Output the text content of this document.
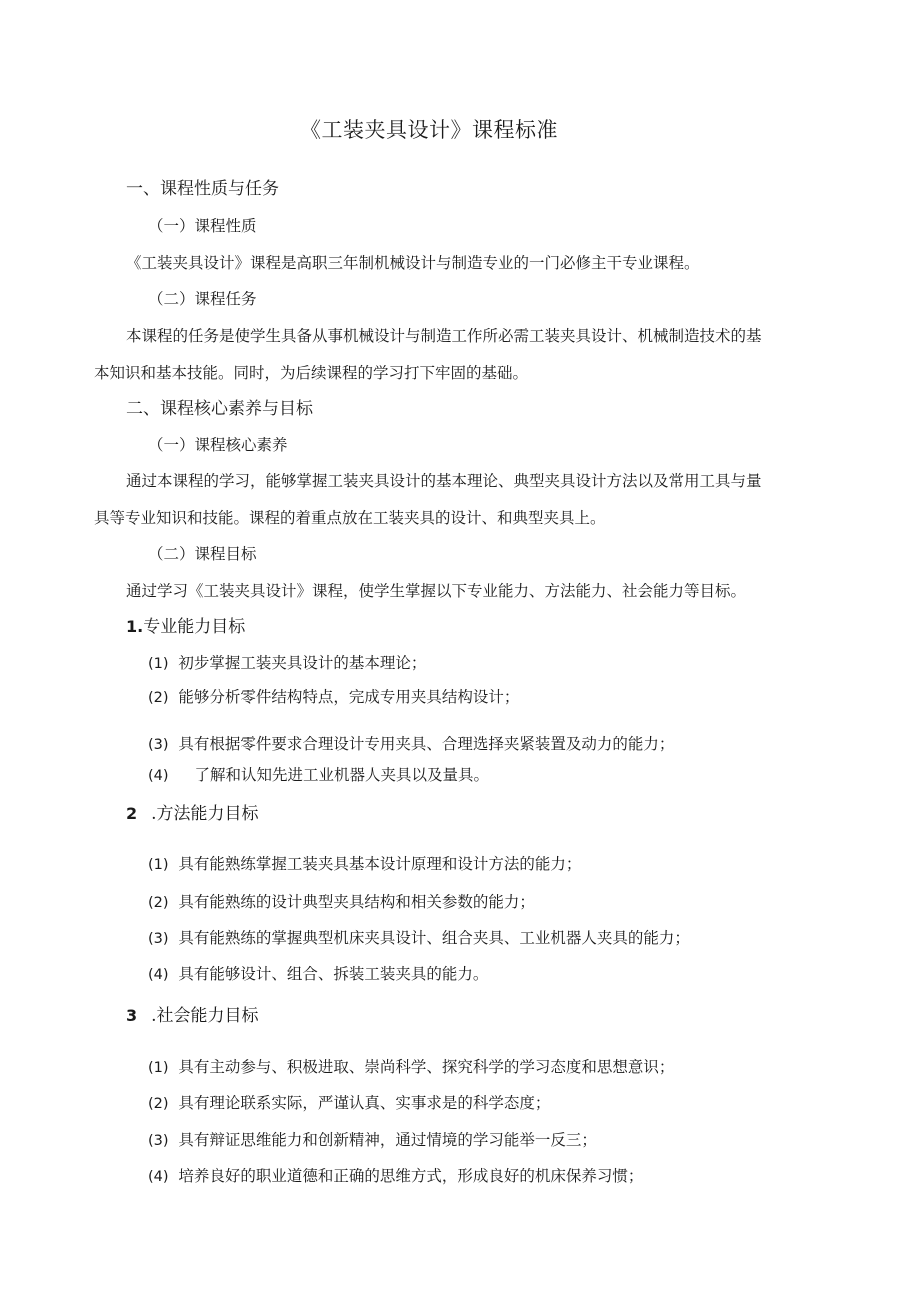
《工装夹具设计》课程标准
一、课程性质与任务
（一）课程性质
《工装夹具设计》课程是高职三年制机械设计与制造专业的一门必修主干专业课程。
（二）课程任务
本课程的任务是使学生具备从事机械设计与制造工作所必需工装夹具设计、机械制造技术的基
本知识和基本技能。同时，为后续课程的学习打下牢固的基础。
二、课程核心素养与目标
（一）课程核心素养
通过本课程的学习，能够掌握工装夹具设计的基本理论、典型夹具设计方法以及常用工具与量
具等专业知识和技能。课程的着重点放在工装夹具的设计、和典型夹具上。
（二）课程目标
通过学习《工装夹具设计》课程，使学生掌握以下专业能力、方法能力、社会能力等目标。
1.专业能力目标
(1) 初步掌握工装夹具设计的基本理论；
(2) 能够分析零件结构特点，完成专用夹具结构设计；
(3) 具有根据零件要求合理设计专用夹具、合理选择夹紧装置及动力的能力；
(4) 了解和认知先进工业机器人夹具以及量具。
2 .方法能力目标
(1) 具有能熟练掌握工装夹具基本设计原理和设计方法的能力；
(2) 具有能熟练的设计典型夹具结构和相关参数的能力；
(3) 具有能熟练的掌握典型机床夹具设计、组合夹具、工业机器人夹具的能力；
(4) 具有能够设计、组合、拆装工装夹具的能力。
3 .社会能力目标
(1) 具有主动参与、积极进取、崇尚科学、探究科学的学习态度和思想意识；
(2) 具有理论联系实际，严谨认真、实事求是的科学态度；
(3) 具有辩证思维能力和创新精神，通过情境的学习能举一反三；
(4) 培养良好的职业道德和正确的思维方式，形成良好的机床保养习惯；
